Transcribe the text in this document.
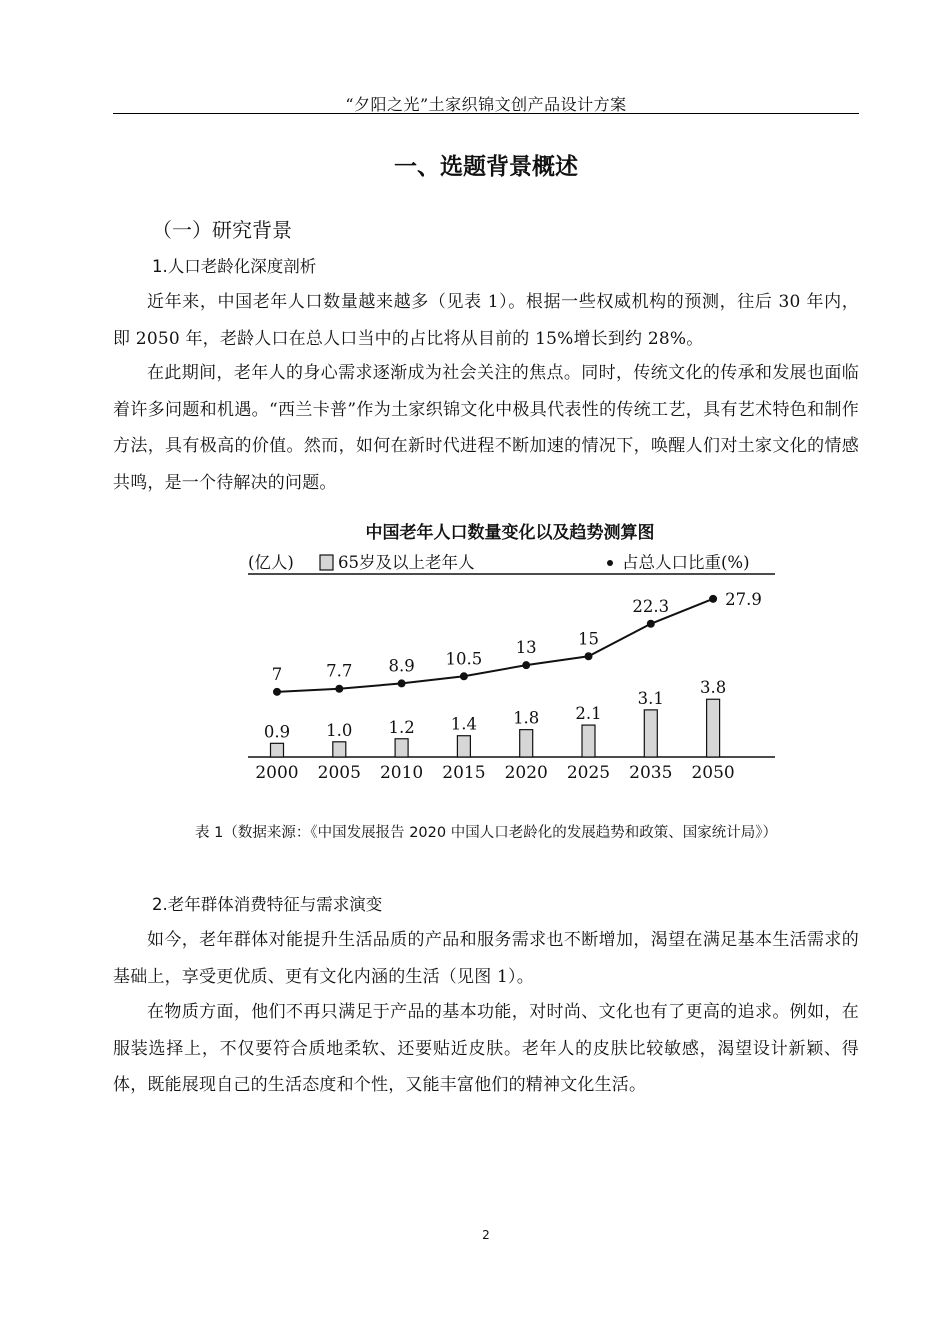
“夕阳之光”土家织锦文创产品设计方案
一、选题背景概述
（一）研究背景
1.人口老龄化深度剖析

近年来，中国老年人口数量越来越多（见表 1）。根据一些权威机构的预测，往后 30 年内，即 2050 年，老龄人口在总人口当中的占比将从目前的 15%增长到约 28%。

在此期间，老年人的身心需求逐渐成为社会关注的焦点。同时，传统文化的传承和发展也面临着许多问题和机遇。“西兰卡普”作为土家织锦文化中极具代表性的传统工艺，具有艺术特色和制作方法，具有极高的价值。然而，如何在新时代进程不断加速的情况下，唤醒人们对土家文化的情感共鸣，是一个待解决的问题。

中国老年人口数量变化以及趋势测算图
(亿人)	65岁及以上老年人	占总人口比重(%)
0.9
2000
1.0
2005
1.2
2010
1.4
2015
1.8
2020
2.1
2025
3.1
2035
3.8
2050
7	7.7 8.9 10.5
13	15
22.3	27.9
表 1（数据来源：《中国发展报告 2020 中国人口老龄化的发展趋势和政策、国家统计局》）
2.老年群体消费特征与需求演变

如今，老年群体对能提升生活品质的产品和服务需求也不断增加，渴望在满足基本生活需求的基础上，享受更优质、更有文化内涵的生活（见图 1）。

在物质方面，他们不再只满足于产品的基本功能，对时尚、文化也有了更高的追求。例如，在服装选择上，不仅要符合质地柔软、还要贴近皮肤。老年人的皮肤比较敏感，渴望设计新颖、得体，既能展现自己的生活态度和个性，又能丰富他们的精神文化生活。

2
